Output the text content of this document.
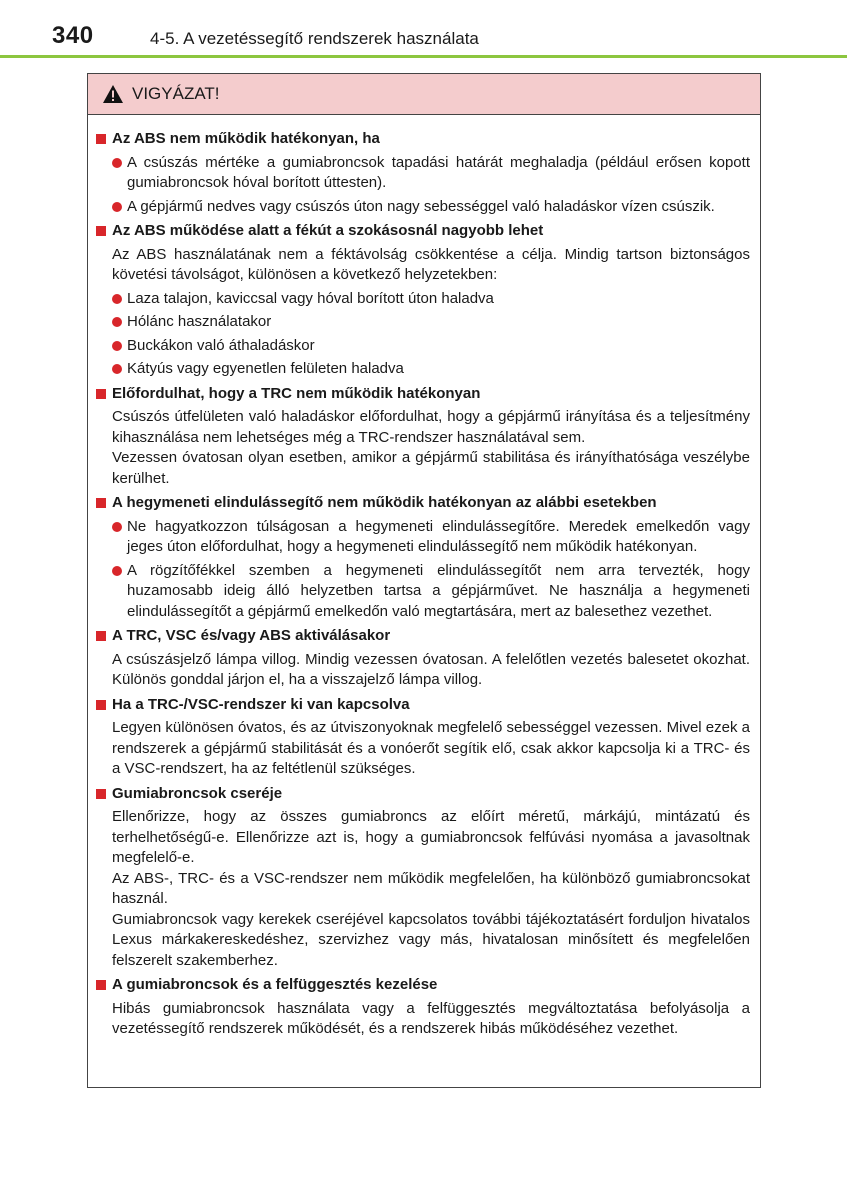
340	4-5. A vezetéssegítő rendszerek használata
VIGYÁZAT!
Az ABS nem működik hatékonyan, ha
A csúszás mértéke a gumiabroncsok tapadási határát meghaladja (például erősen kopott gumiabroncsok hóval borított úttesten).
A gépjármű nedves vagy csúszós úton nagy sebességgel való haladáskor vízen csúszik.
Az ABS működése alatt a fékút a szokásosnál nagyobb lehet
Az ABS használatának nem a féktávolság csökkentése a célja. Mindig tartson biztonságos követési távolságot, különösen a következő helyzetekben:
Laza talajon, kaviccsal vagy hóval borított úton haladva
Hólánc használatakor
Buckákon való áthaladáskor
Kátyús vagy egyenetlen felületen haladva
Előfordulhat, hogy a TRC nem működik hatékonyan
Csúszós útfelületen való haladáskor előfordulhat, hogy a gépjármű irányítása és a teljesítmény kihasználása nem lehetséges még a TRC-rendszer használatával sem.
Vezessen óvatosan olyan esetben, amikor a gépjármű stabilitása és irányíthatósága veszélybe kerülhet.
A hegymeneti elindulássegítő nem működik hatékonyan az alábbi esetekben
Ne hagyatkozzon túlságosan a hegymeneti elindulássegítőre. Meredek emelkedőn vagy jeges úton előfordulhat, hogy a hegymeneti elindulássegítő nem működik hatékonyan.
A rögzítőfékkel szemben a hegymeneti elindulássegítőt nem arra tervezték, hogy huzamosabb ideig álló helyzetben tartsa a gépjárművet. Ne használja a hegymeneti elindulássegítőt a gépjármű emelkedőn való megtartására, mert az balesethez vezethet.
A TRC, VSC és/vagy ABS aktiválásakor
A csúszásjelző lámpa villog. Mindig vezessen óvatosan. A felelőtlen vezetés balesetet okozhat. Különös gonddal járjon el, ha a visszajelző lámpa villog.
Ha a TRC-/VSC-rendszer ki van kapcsolva
Legyen különösen óvatos, és az útviszonyoknak megfelelő sebességgel vezessen. Mivel ezek a rendszerek a gépjármű stabilitását és a vonóerőt segítik elő, csak akkor kapcsolja ki a TRC- és a VSC-rendszert, ha az feltétlenül szükséges.
Gumiabroncsok cseréje
Ellenőrizze, hogy az összes gumiabroncs az előírt méretű, márkájú, mintázatú és terhelhetőségű-e. Ellenőrizze azt is, hogy a gumiabroncsok felfúvási nyomása a javasoltnak megfelelő-e.
Az ABS-, TRC- és a VSC-rendszer nem működik megfelelően, ha különböző gumiabroncsokat használ.
Gumiabroncsok vagy kerekek cseréjével kapcsolatos további tájékoztatásért forduljon hivatalos Lexus márkakereskedéshez, szervizhez vagy más, hivatalosan minősített és megfelelően felszerelt szakemberhez.
A gumiabroncsok és a felfüggesztés kezelése
Hibás gumiabroncsok használata vagy a felfüggesztés megváltoztatása befolyásolja a vezetéssegítő rendszerek működését, és a rendszerek hibás működéséhez vezethet.
